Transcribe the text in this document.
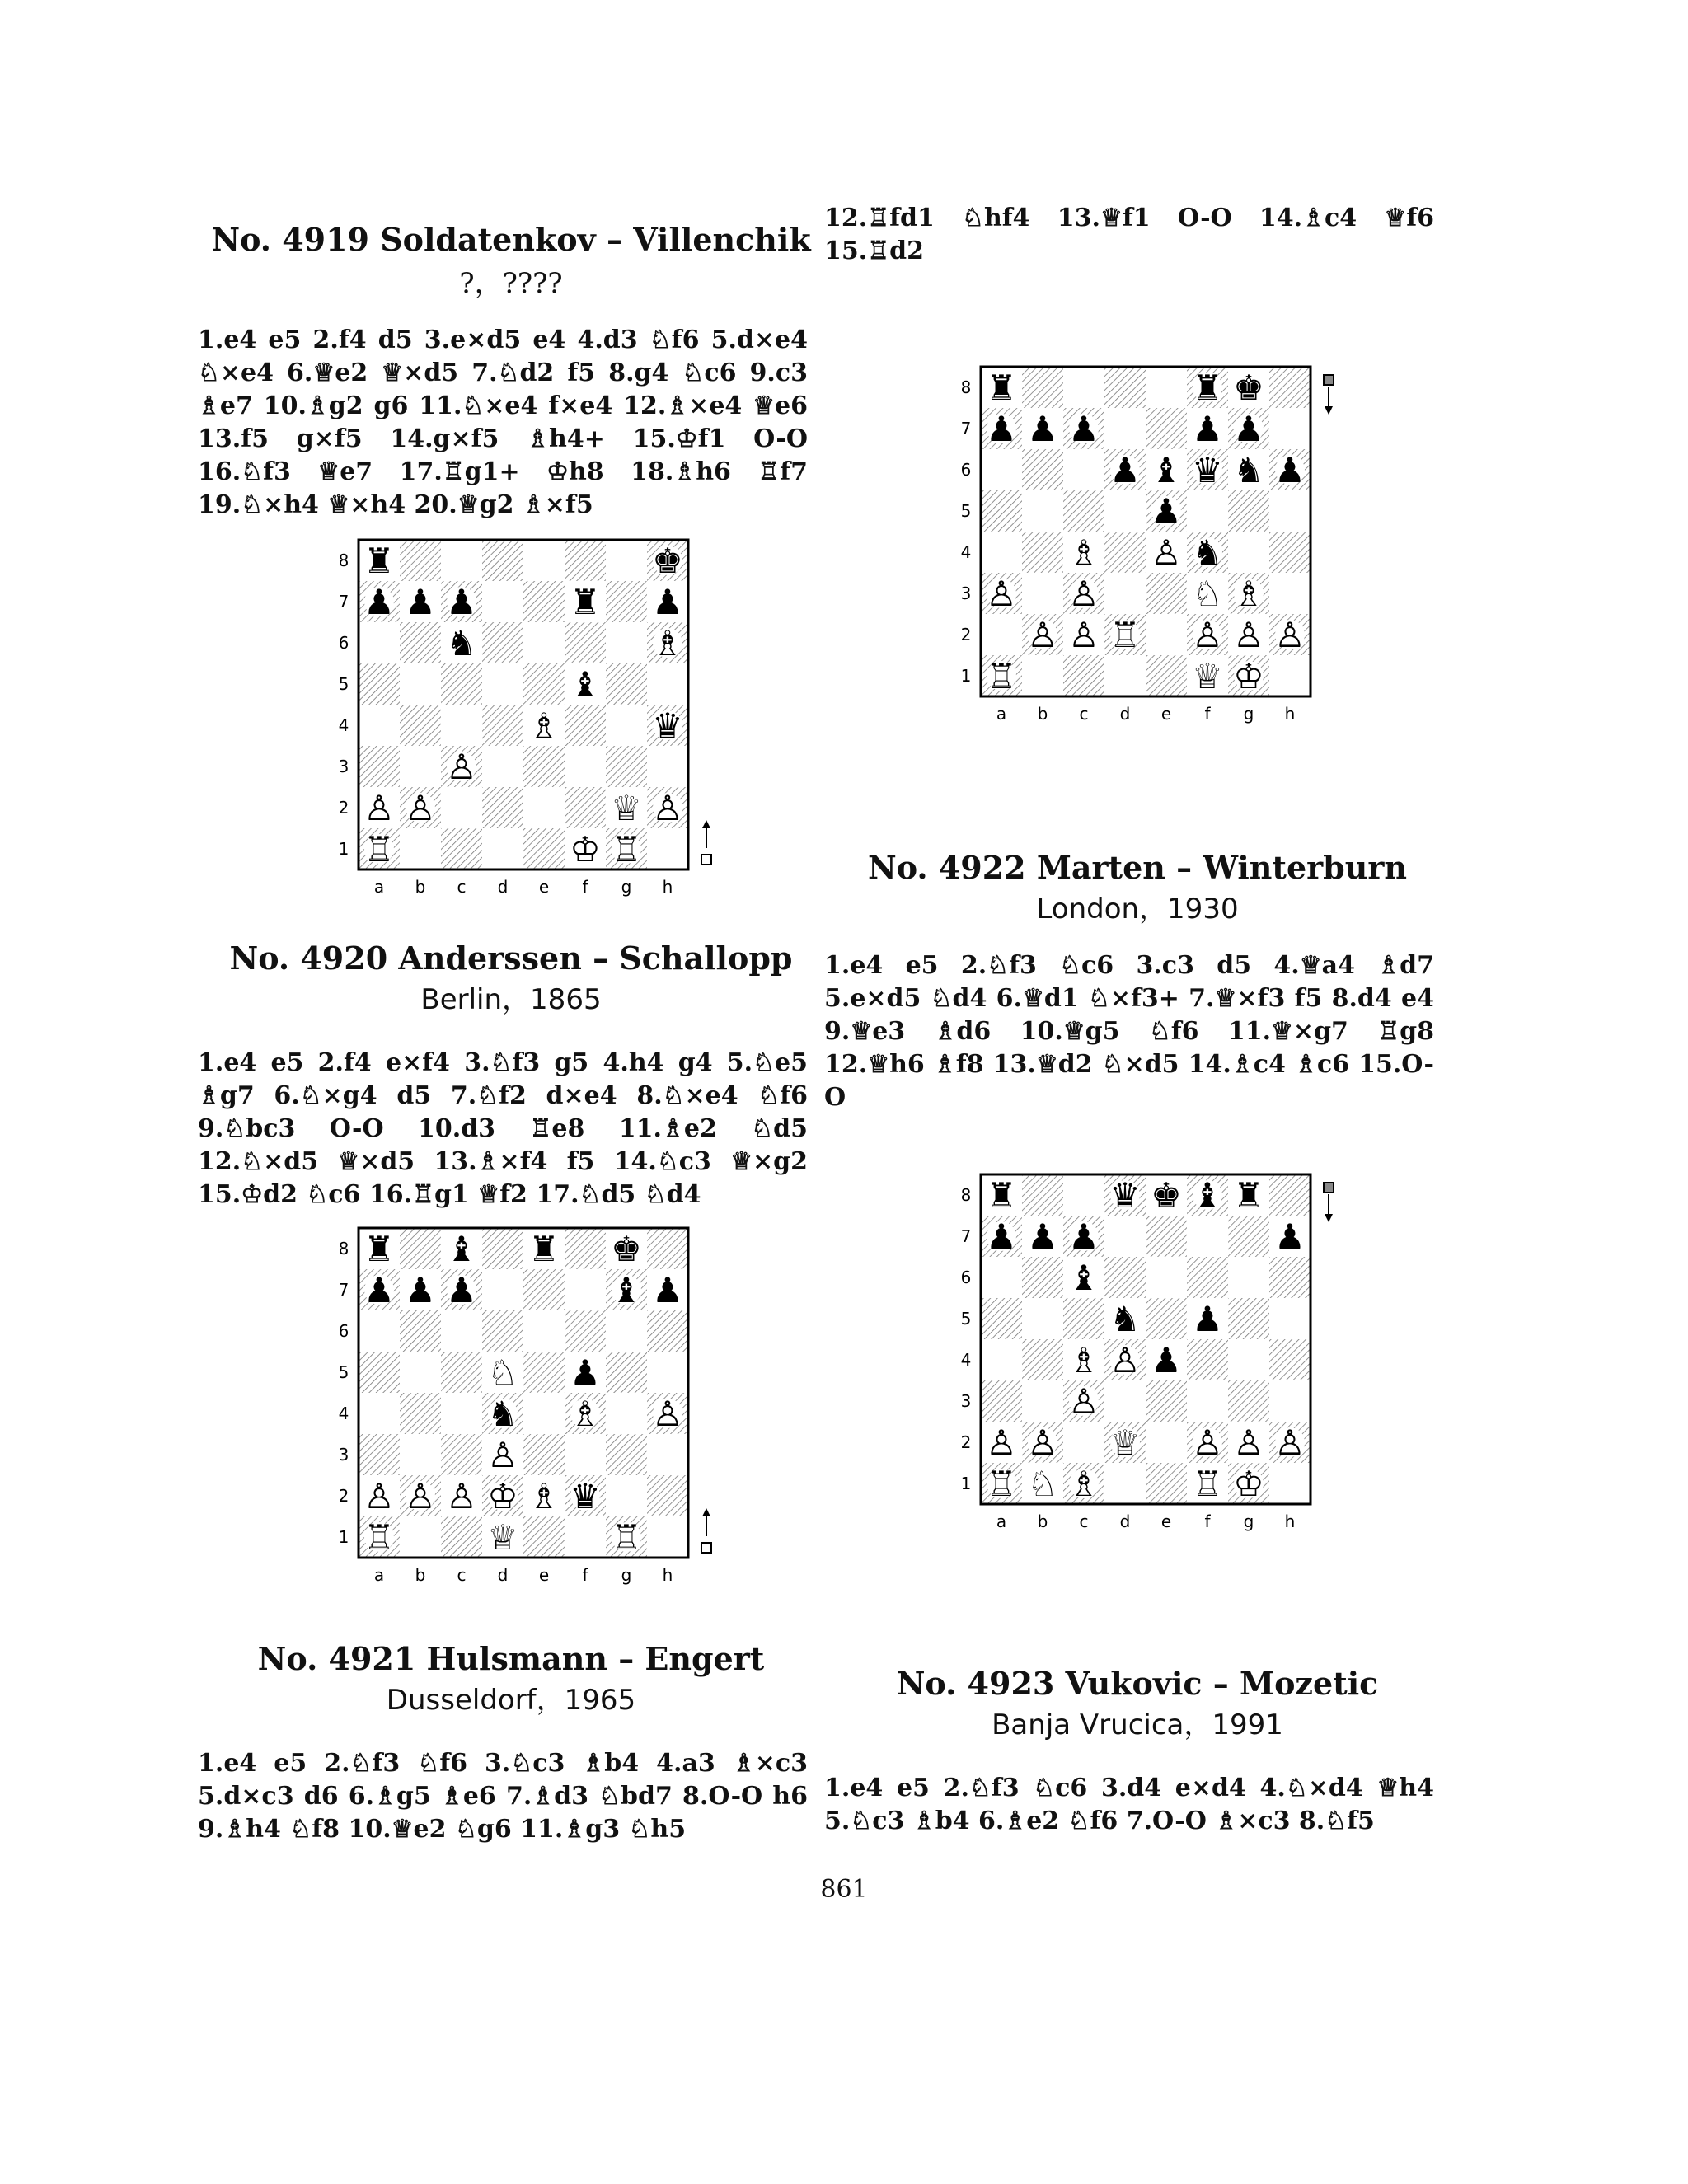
No. 4919 Soldatenkov – Villenchik
?，????
1.e4 e5 2.f4 d5 3.e×d5 e4 4.d3 ♘f6 5.d×e4 ♘×e4 6.♕e2 ♕×d5 7.♘d2 f5 8.g4 ♘c6 9.c3 ♗e7 10.♗g2 g6 11.♘×e4 f×e4 12.♗×e4 ♕e6 13.f5 g×f5 14.g×f5 ♗h4+ 15.♔f1 O-O 16.♘f3 ♕e7 17.♖g1+ ♔h8 18.♗h6 ♖f7 19.♘×h4 ♕×h4 20.♕g2 ♗×f5
8
7
6
5
4
3
2
1
a b c d e f g h
♜	♚
♟ ♟ ♟	♜ ♟
♞	♗
♝
♗	♛
♙
♙ ♙	♕ ♙
♖	♔ ♖
No. 4920 Anderssen – Schallopp
Berlin，1865
1.e4 e5 2.f4 e×f4 3.♘f3 g5 4.h4 g4 5.♘e5 ♗g7 6.♘×g4 d5 7.♘f2 d×e4 8.♘×e4 ♘f6 9.♘bc3 O-O 10.d3 ♖e8 11.♗e2 ♘d5 12.♘×d5 ♕×d5 13.♗×f4 f5 14.♘c3 ♕×g2 15.♔d2 ♘c6 16.♖g1 ♕f2 17.♘d5 ♘d4
8
7
6
5
4
3
2
1
a b c d e f g h
♜ ♝ ♜ ♚
♟ ♟ ♟	♝ ♟
♘ ♟
♞ ♗ ♙
♙
♙ ♙ ♙ ♔ ♗ ♛
♖	♕	♖
No. 4921 Hulsmann – Engert
Dusseldorf，1965
1.e4 e5 2.♘f3 ♘f6 3.♘c3 ♗b4 4.a3 ♗×c3 5.d×c3 d6 6.♗g5 ♗e6 7.♗d3 ♘bd7 8.O-O h6 9.♗h4 ♘f8 10.♕e2 ♘g6 11.♗g3 ♘h5
12.♖fd1 ♘hf4 13.♕f1 O-O 14.♗c4 ♕f6 15.♖d2
8
7
6
5
4
3
2
1
a b c d e f g h
♜	♜ ♚
♟ ♟ ♟	♟ ♟
♟ ♝ ♛ ♞ ♟
♟
♗ ♙ ♞
♙ ♙	♘ ♗
♙ ♙ ♖ ♙ ♙ ♙
♖	♕ ♔
No. 4922 Marten – Winterburn
London，1930
1.e4 e5 2.♘f3 ♘c6 3.c3 d5 4.♕a4 ♗d7 5.e×d5 ♘d4 6.♕d1 ♘×f3+ 7.♕×f3 f5 8.d4 e4 9.♕e3 ♗d6 10.♕g5 ♘f6 11.♕×g7 ♖g8 12.♕h6 ♗f8 13.♕d2 ♘×d5 14.♗c4 ♗c6 15.O-O
8
7
6
5
4
3
2
1
a b c d e f g h
♜	♛ ♚ ♝ ♜
♟ ♟ ♟	♟
♝
♞ ♟
♗ ♙ ♟
♙
♙ ♙ ♕ ♙ ♙ ♙
♖ ♘ ♗	♖ ♔
No. 4923 Vukovic – Mozetic
Banja Vrucica，1991
1.e4 e5 2.♘f3 ♘c6 3.d4 e×d4 4.♘×d4 ♕h4 5.♘c3 ♗b4 6.♗e2 ♘f6 7.O-O ♗×c3 8.♘f5
861
